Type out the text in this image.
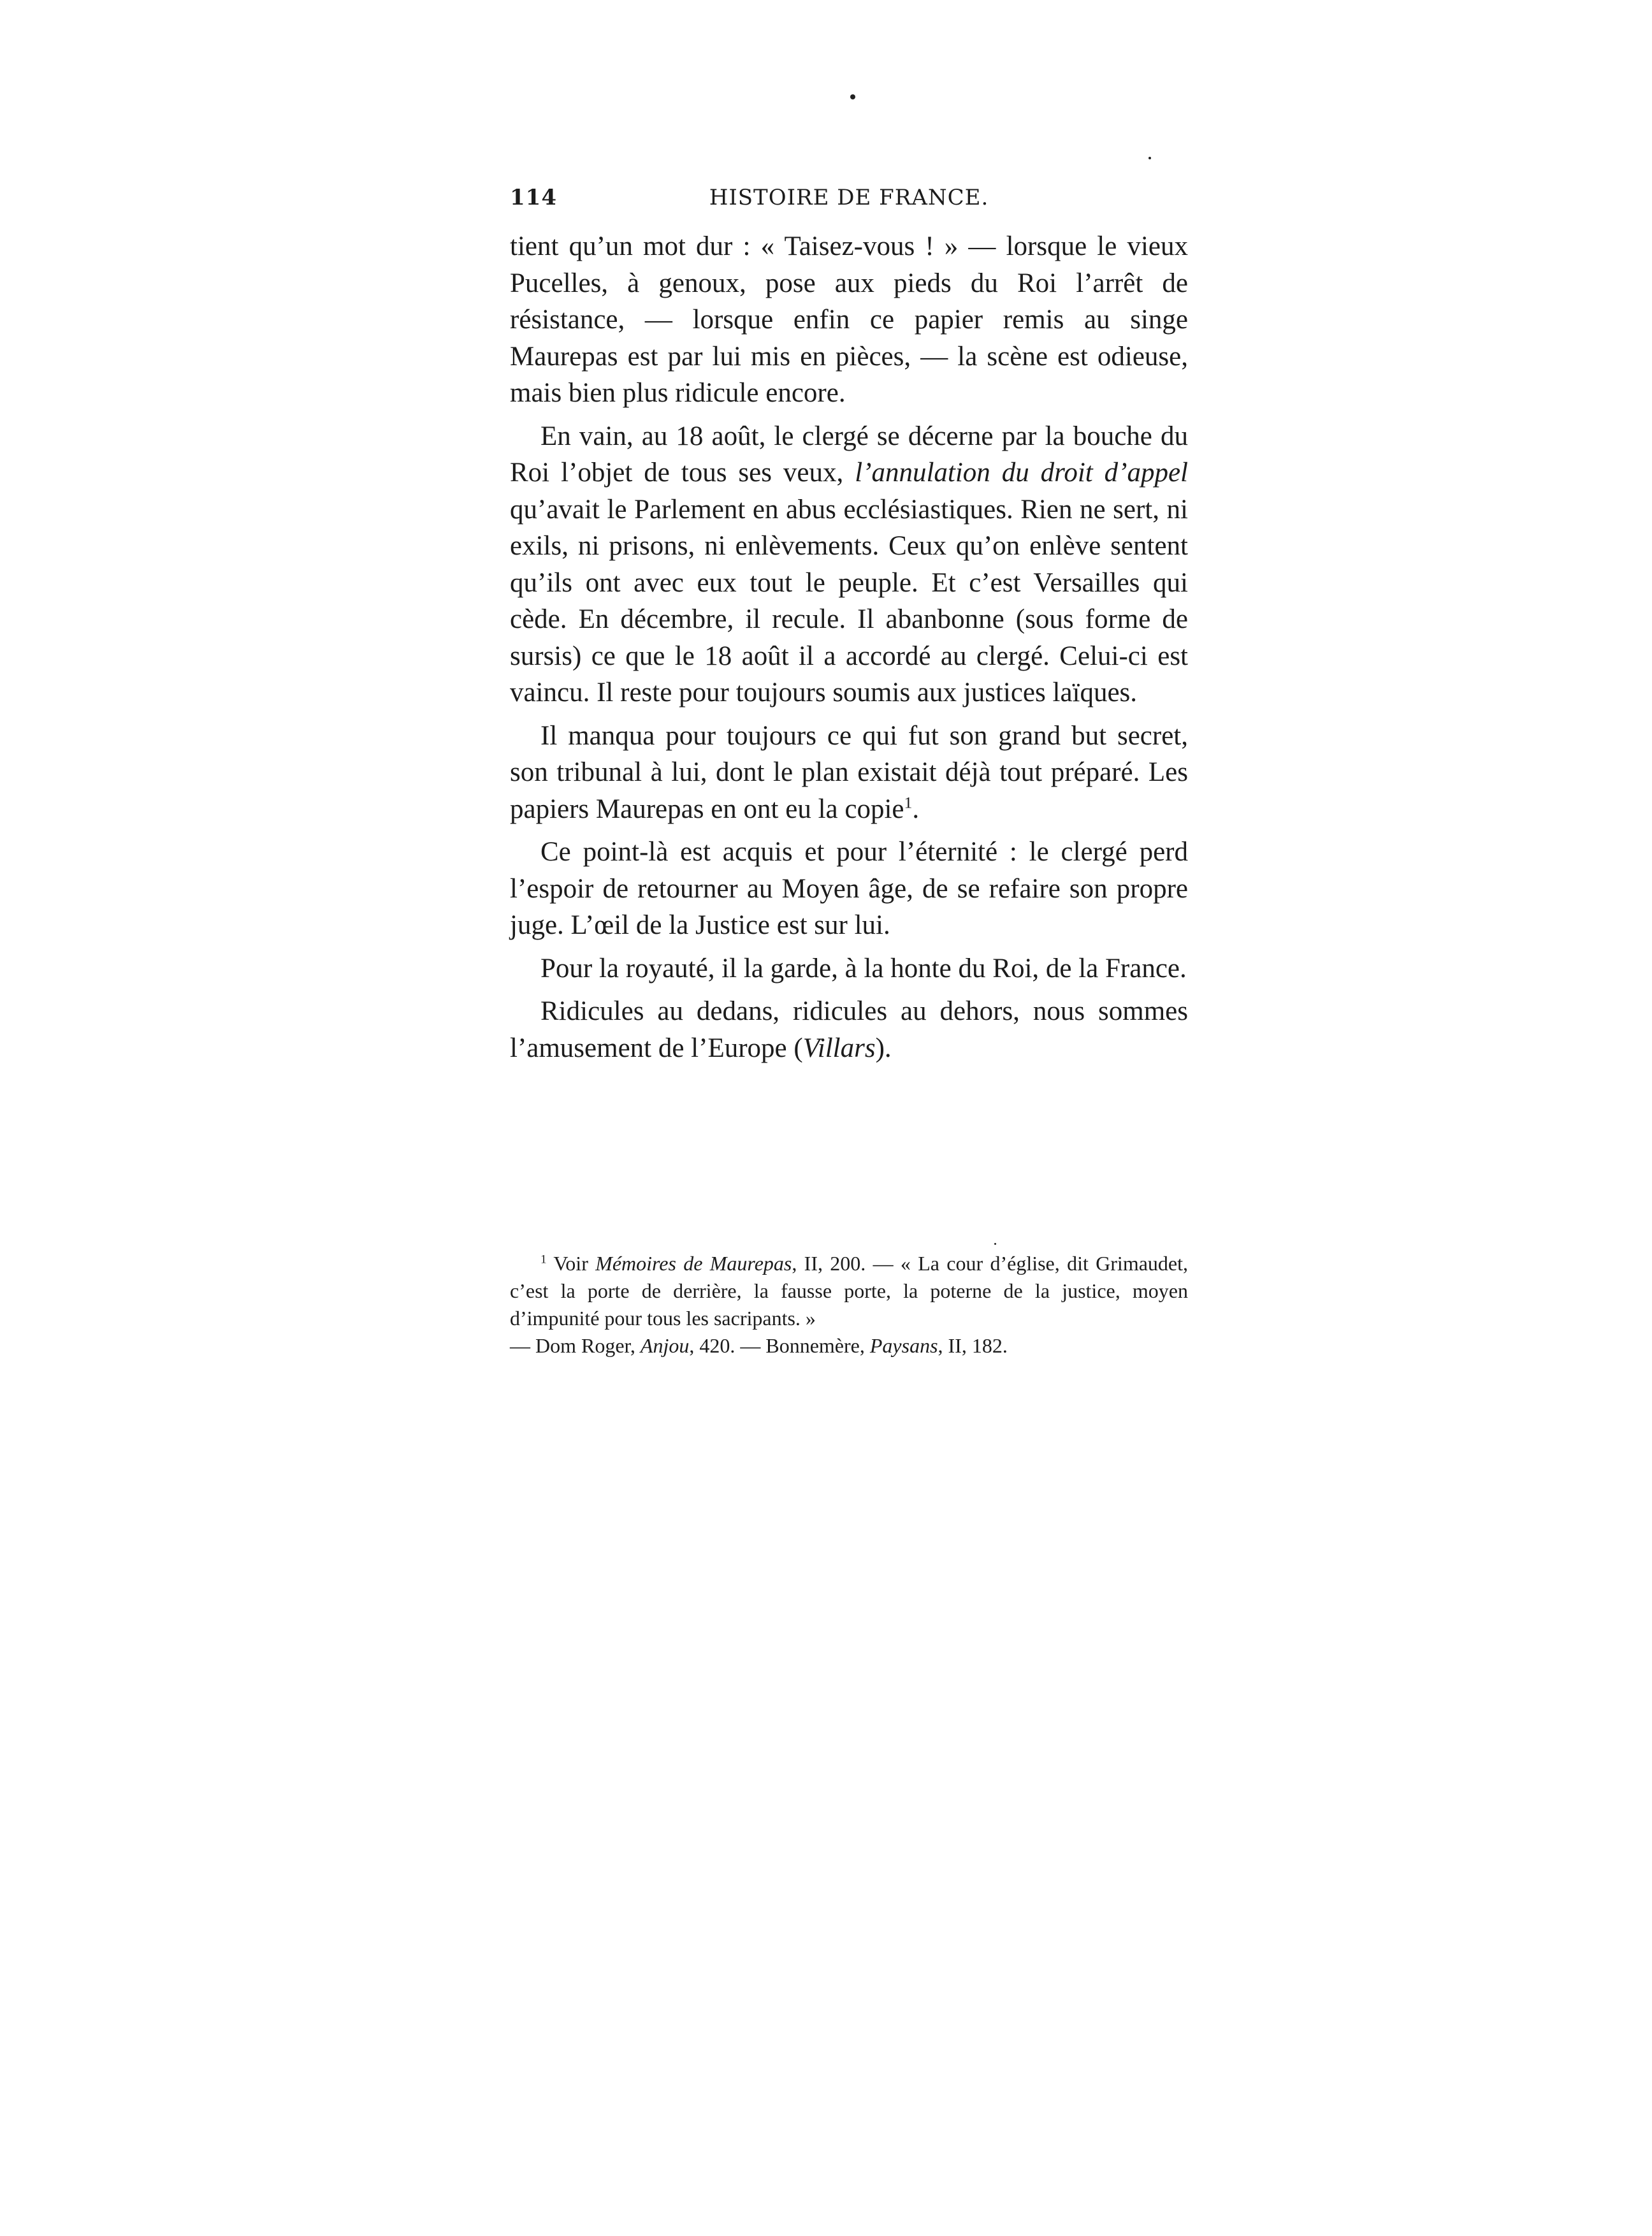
114	HISTOIRE DE FRANCE.

tient qu’un mot dur : « Taisez-vous ! » — lorsque le vieux Pucelles, à genoux, pose aux pieds du Roi l’arrêt de résistance, — lorsque enfin ce papier remis au singe Maurepas est par lui mis en pièces, — la scène est odieuse, mais bien plus ridicule encore.

En vain, au 18 août, le clergé se décerne par la bouche du Roi l’objet de tous ses veux, l’annulation du droit d’appel qu’avait le Parlement en abus ecclésiastiques. Rien ne sert, ni exils, ni prisons, ni enlèvements. Ceux qu’on enlève sentent qu’ils ont avec eux tout le peuple. Et c’est Versailles qui cède. En décembre, il recule. Il abanbonne (sous forme de sursis) ce que le 18 août il a accordé au clergé. Celui-ci est vaincu. Il reste pour toujours soumis aux justices laïques.

Il manqua pour toujours ce qui fut son grand but secret, son tribunal à lui, dont le plan existait déjà tout préparé. Les papiers Maurepas en ont eu la copie$^1$.

Ce point-là est acquis et pour l’éternité : le clergé perd l’espoir de retourner au Moyen âge, de se refaire son propre juge. L’œil de la Justice est sur lui.

Pour la royauté, il la garde, à la honte du Roi, de la France.

Ridicules au dedans, ridicules au dehors, nous sommes l’amusement de l’Europe (Villars).

$^1$ Voir Mémoires de Maurepas, II, 200. — « La cour d’église, dit Grimaudet, c’est la porte de derrière, la fausse porte, la poterne de la justice, moyen d’impunité pour tous les sacripants. »

— Dom Roger, Anjou, 420. — Bonnemère, Paysans, II, 182.
